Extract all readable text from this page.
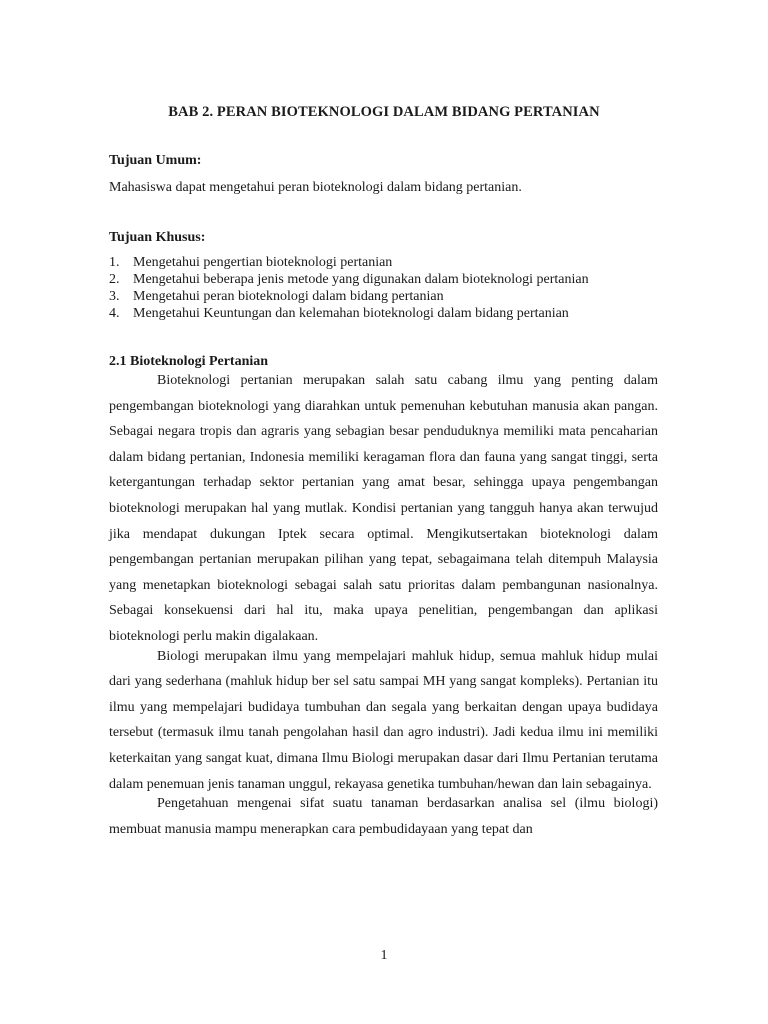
BAB 2. PERAN BIOTEKNOLOGI DALAM BIDANG PERTANIAN
Tujuan Umum:
Mahasiswa dapat mengetahui peran bioteknologi dalam bidang pertanian.
Tujuan Khusus:
1. Mengetahui pengertian bioteknologi pertanian
2. Mengetahui beberapa jenis metode yang digunakan dalam bioteknologi pertanian
3. Mengetahui peran bioteknologi dalam bidang pertanian
4. Mengetahui Keuntungan dan kelemahan bioteknologi dalam bidang pertanian
2.1 Bioteknologi Pertanian

Bioteknologi pertanian merupakan salah satu cabang ilmu yang penting dalam pengembangan bioteknologi yang diarahkan untuk pemenuhan kebutuhan manusia akan pangan. Sebagai negara tropis dan agraris yang sebagian besar penduduknya memiliki mata pencaharian dalam bidang pertanian, Indonesia memiliki keragaman flora dan fauna yang sangat tinggi, serta ketergantungan terhadap sektor pertanian yang amat besar, sehingga upaya pengembangan bioteknologi merupakan hal yang mutlak. Kondisi pertanian yang tangguh hanya akan terwujud jika mendapat dukungan Iptek secara optimal. Mengikutsertakan bioteknologi dalam pengembangan pertanian merupakan pilihan yang tepat, sebagaimana telah ditempuh Malaysia yang menetapkan bioteknologi sebagai salah satu prioritas dalam pembangunan nasionalnya. Sebagai konsekuensi dari hal itu, maka upaya penelitian, pengembangan dan aplikasi bioteknologi perlu makin digalakaan.

Biologi merupakan ilmu yang mempelajari mahluk hidup, semua mahluk hidup mulai dari yang sederhana (mahluk hidup ber sel satu sampai MH yang sangat kompleks). Pertanian itu ilmu yang mempelajari budidaya tumbuhan dan segala yang berkaitan dengan upaya budidaya tersebut (termasuk ilmu tanah pengolahan hasil dan agro industri). Jadi kedua ilmu ini memiliki keterkaitan yang sangat kuat, dimana Ilmu Biologi merupakan dasar dari Ilmu Pertanian terutama dalam penemuan jenis tanaman unggul, rekayasa genetika tumbuhan/hewan dan lain sebagainya.

Pengetahuan mengenai sifat suatu tanaman berdasarkan analisa sel (ilmu biologi) membuat manusia mampu menerapkan cara pembudidayaan yang tepat dan

1
